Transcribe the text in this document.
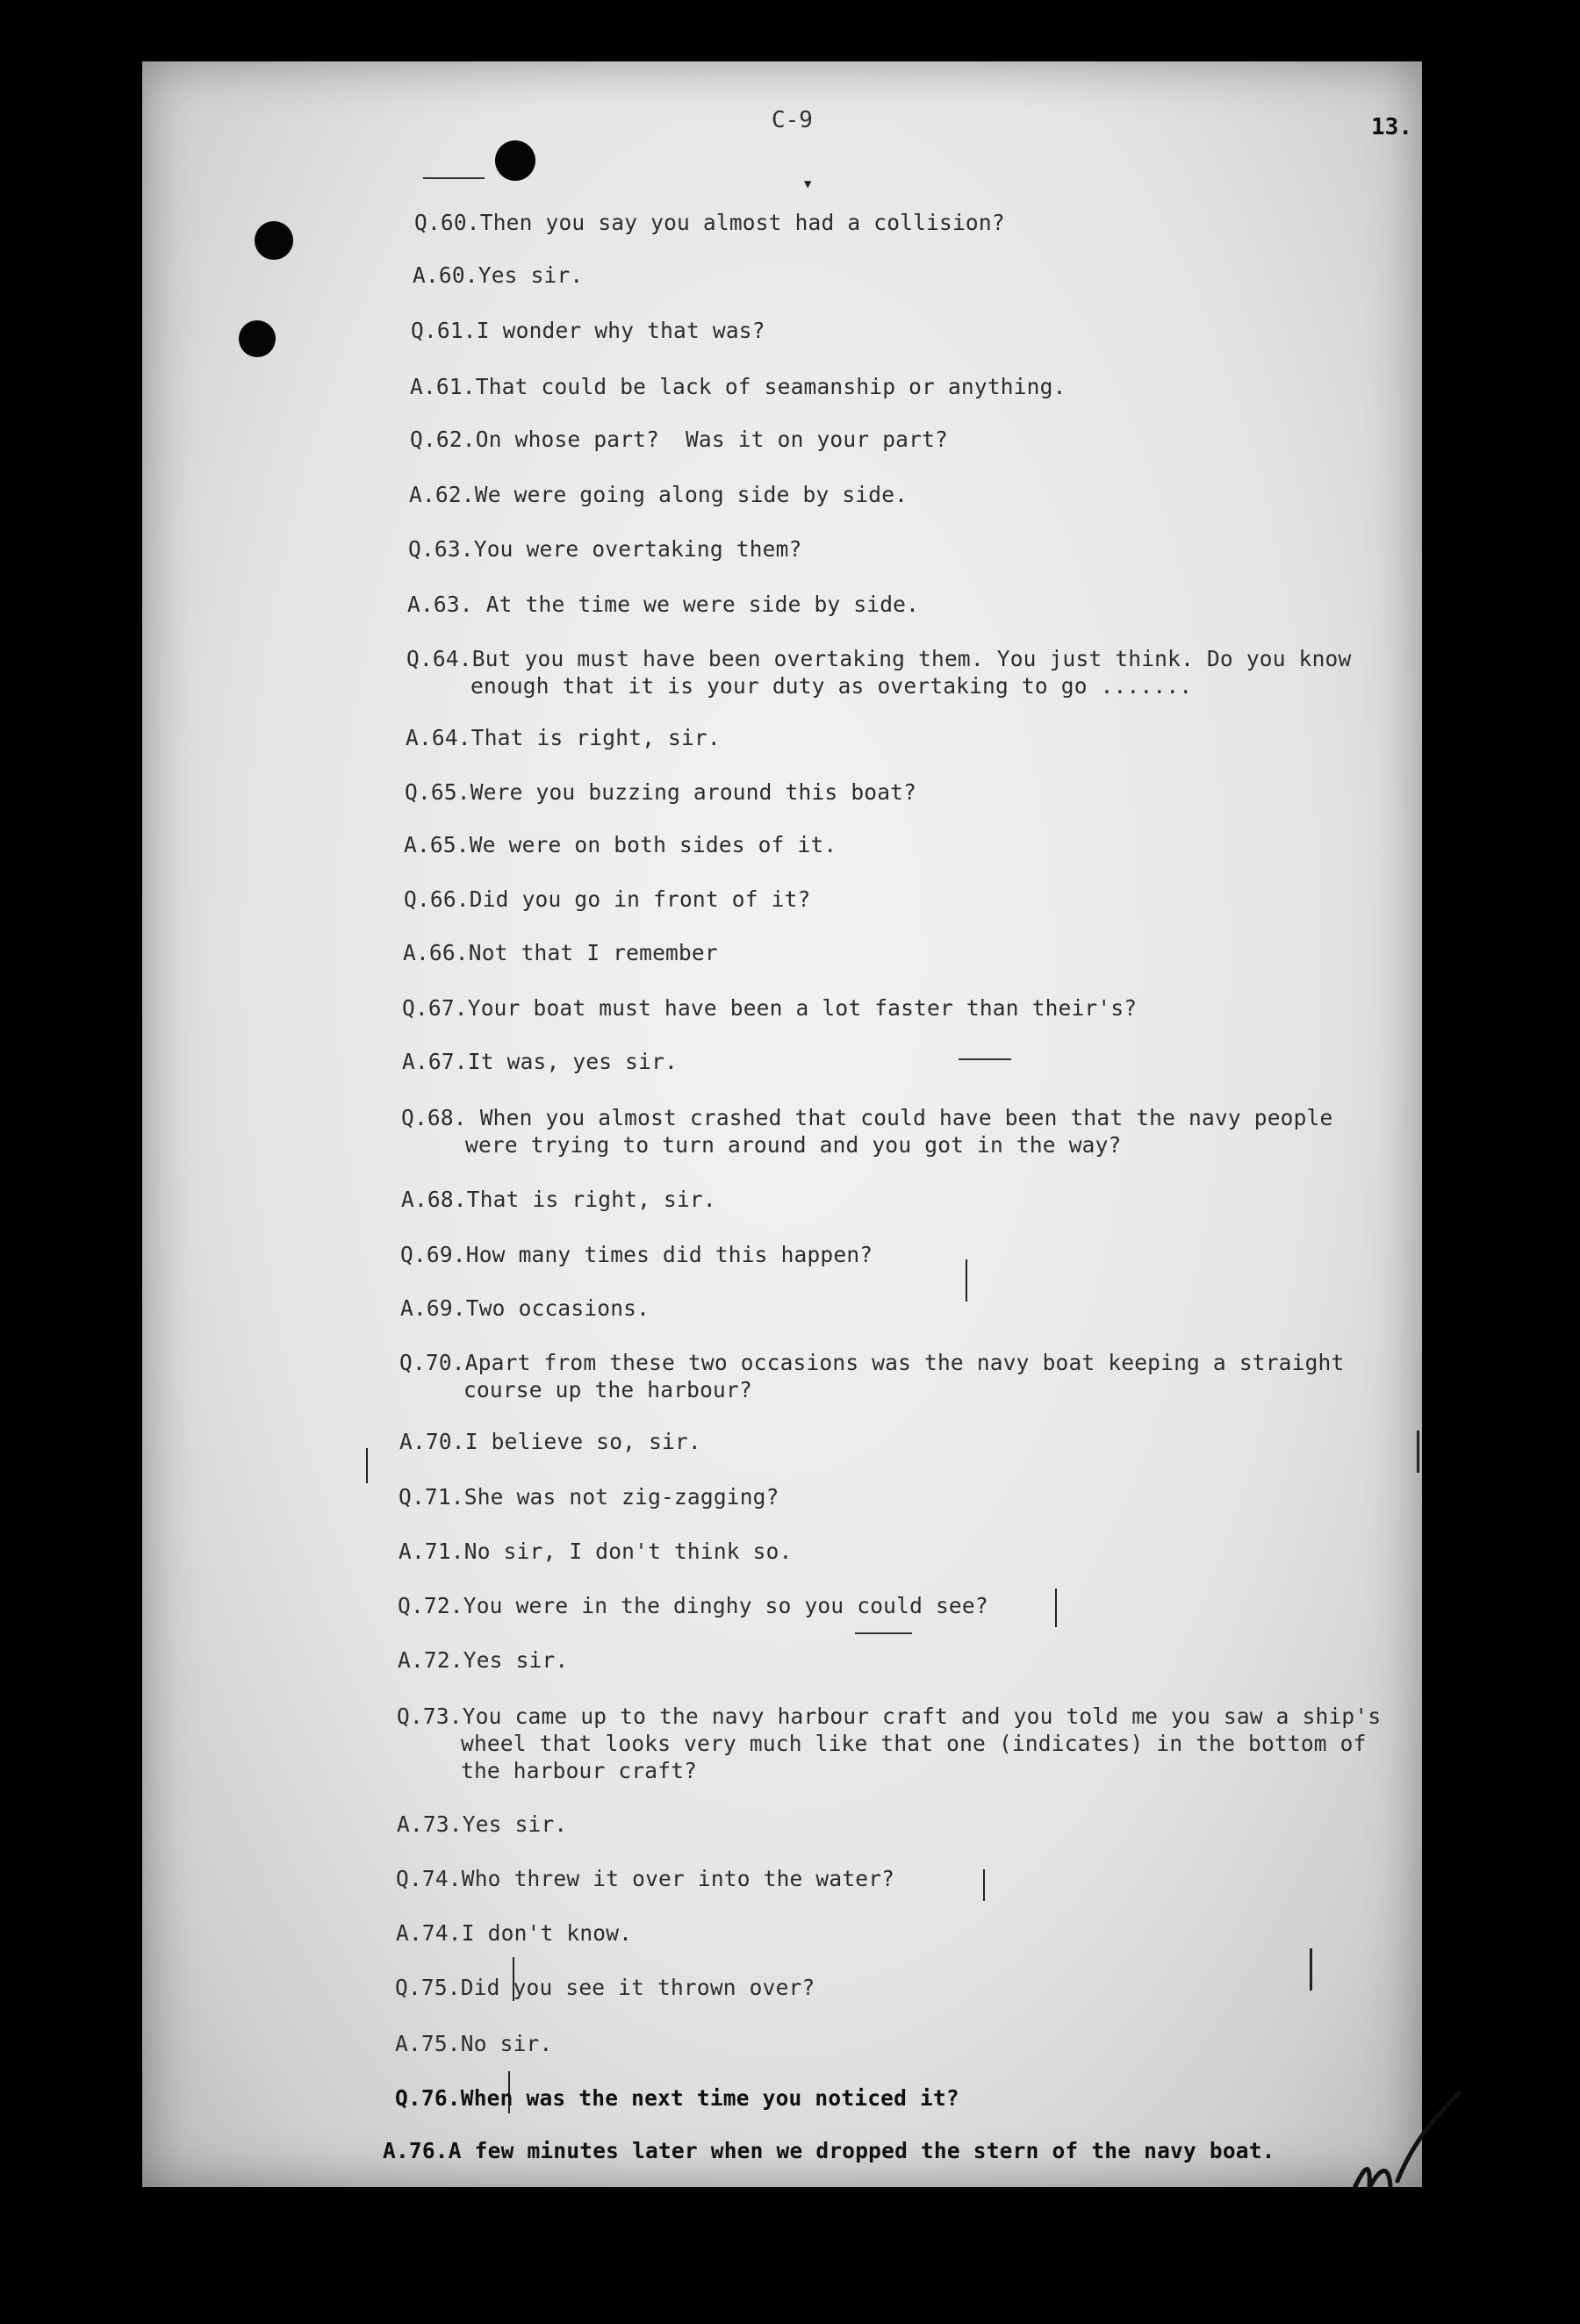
C-9	13 .
▼
Q.60.Then you say you almost had a collision?
A.60.Yes sir.
Q.61.I wonder why that was?
A.61.That could be lack of seamanship or anything.
Q.62.On whose part?  Was it on your part?
A.62.We were going along side by side.
Q.63.You were overtaking them?
A.63. At the time we were side by side.
Q.64.But you must have been overtaking them. You just think. Do you know
enough that it is your duty as overtaking to go .......
A.64.That is right, sir.
Q.65.Were you buzzing around this boat?
A.65.We were on both sides of it.
Q.66.Did you go in front of it?
A.66.Not that I remember
Q.67.Your boat must have been a lot faster than their's?
A.67.It was, yes sir.
Q.68. When you almost crashed that could have been that the navy people
were trying to turn around and you got in the way?
A.68.That is right, sir.
Q.69.How many times did this happen?
A.69.Two occasions.
Q.70.Apart from these two occasions was the navy boat keeping a straight
course up the harbour?
A.70.I believe so, sir.
Q.71.She was not zig-zagging?
A.71.No sir, I don't think so.
Q.72.You were in the dinghy so you could see?
A.72.Yes sir.
Q.73.You came up to the navy harbour craft and you told me you saw a ship's
wheel that looks very much like that one (indicates) in the bottom of
the harbour craft?
A.73.Yes sir.
Q.74.Who threw it over into the water?
A.74.I don't know.
Q.75.Did you see it thrown over?
A.75.No sir.
Q.76.When was the next time you noticed it?
A.76.A few minutes later when we dropped the stern of the navy boat.
